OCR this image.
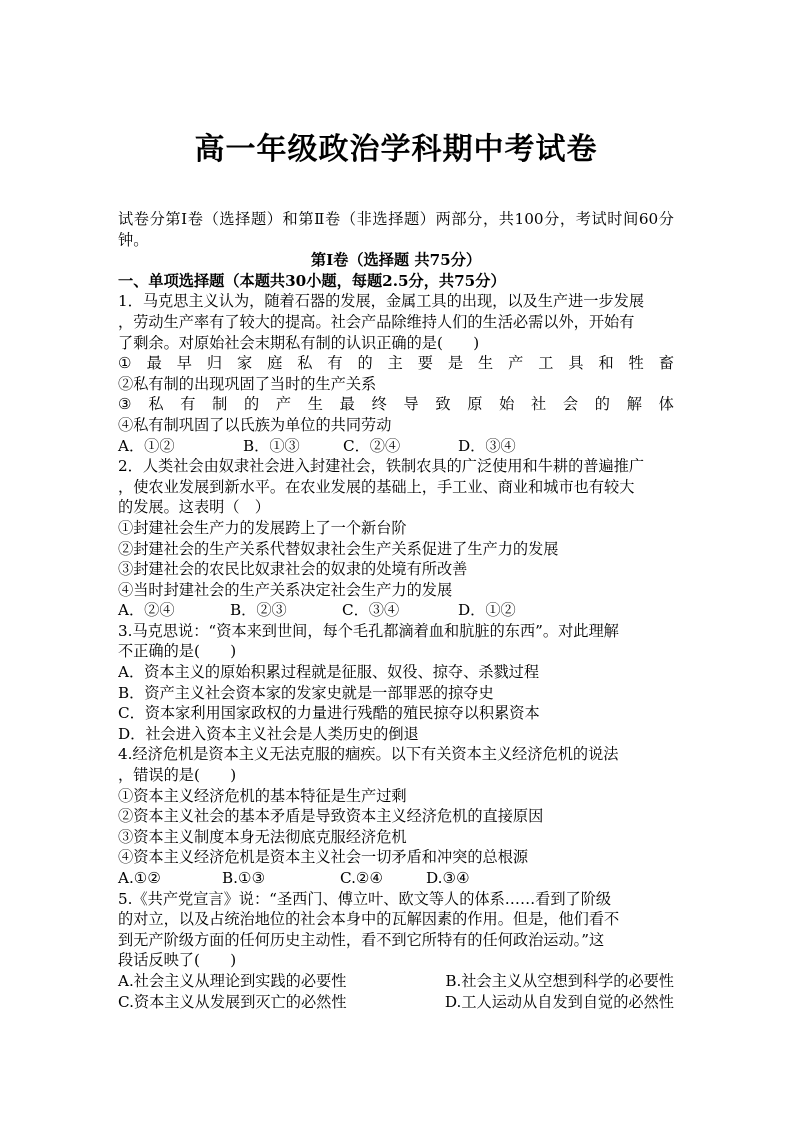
高一年级政治学科期中考试卷
试卷分第Ⅰ卷（选择题）和第Ⅱ卷（非选择题）两部分，共100分，考试时间60分钟。
第Ⅰ卷（选择题 共75分）
一、单项选择题（本题共30小题，每题2.5分，共75分）
1．马克思主义认为，随着石器的发展，金属工具的出现，以及生产进一步发展
，劳动生产率有了较大的提高。社会产品除维持人们的生活必需以外，开始有
了剩余。对原始社会末期私有制的认识正确的是(　　)
① 最 早 归 家 庭 私 有 的 主 要 是 生 产 工 具 和 牲 畜
②私有制的出现巩固了当时的生产关系
③ 私 有 制 的 产 生 最 终 导 致 原 始 社 会 的 解 体
④私有制巩固了以氏族为单位的共同劳动
A．①②	B．①③	C．②④	D．③④
2．人类社会由奴隶社会进入封建社会，铁制农具的广泛使用和牛耕的普遍推广
，使农业发展到新水平。在农业发展的基础上，手工业、商业和城市也有较大
的发展。这表明（　）
①封建社会生产力的发展跨上了一个新台阶
②封建社会的生产关系代替奴隶社会生产关系促进了生产力的发展
③封建社会的农民比奴隶社会的奴隶的处境有所改善
④当时封建社会的生产关系决定社会生产力的发展
A．②④	B．②③	C．③④	D．①②
3.马克思说：“资本来到世间，每个毛孔都滴着血和肮脏的东西”。对此理解
不正确的是(　　)
A．资本主义的原始积累过程就是征服、奴役、掠夺、杀戮过程
B．资产主义社会资本家的发家史就是一部罪恶的掠夺史
C．资本家利用国家政权的力量进行残酷的殖民掠夺以积累资本
D．社会进入资本主义社会是人类历史的倒退
4.经济危机是资本主义无法克服的痼疾。以下有关资本主义经济危机的说法
，错误的是(　　)
①资本主义经济危机的基本特征是生产过剩
②资本主义社会的基本矛盾是导致资本主义经济危机的直接原因
③资本主义制度本身无法彻底克服经济危机
④资本主义经济危机是资本主义社会一切矛盾和冲突的总根源
A.①②	B.①③	C.②④	D.③④
5.《共产党宣言》说：“圣西门、傅立叶、欧文等人的体系……看到了阶级
的对立，以及占统治地位的社会本身中的瓦解因素的作用。但是，他们看不
到无产阶级方面的任何历史主动性，看不到它所特有的任何政治运动。”这
段话反映了(　　)
A.社会主义从理论到实践的必要性	B.社会主义从空想到科学的必要性
C.资本主义从发展到灭亡的必然性	D.工人运动从自发到自觉的必然性
